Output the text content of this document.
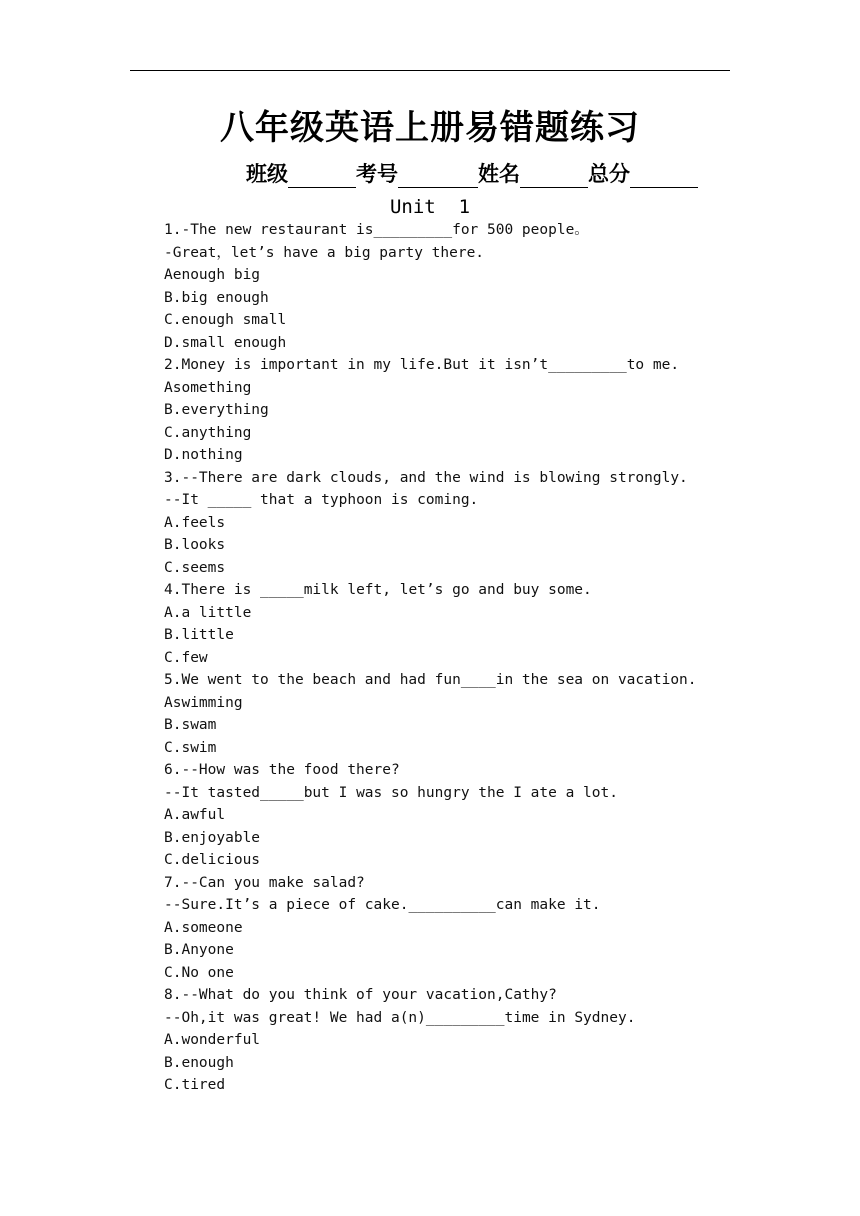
八年级英语上册易错题练习
班级	考号	姓名	总分
Unit  1
1.-The new restaurant is_________for 500 people。
-Great，let’s have a big party there.
Aenough big
B.big enough
C.enough small
D.small enough
2.Money is important in my life.But it isn’t_________to me.
Asomething
B.everything
C.anything
D.nothing
3.--There are dark clouds, and the wind is blowing strongly.
--It _____ that a typhoon is coming.
A.feels
B.looks
C.seems
4.There is _____milk left, let’s go and buy some.
A.a little
B.little
C.few
5.We went to the beach and had fun____in the sea on vacation.
Aswimming
B.swam
C.swim
6.--How was the food there?
--It tasted_____but I was so hungry the I ate a lot.
A.awful
B.enjoyable
C.delicious
7.--Can you make salad?
--Sure.It’s a piece of cake.__________can make it.
A.someone
B.Anyone
C.No one
8.--What do you think of your vacation,Cathy?
--Oh,it was great! We had a(n)_________time in Sydney.
A.wonderful
B.enough
C.tired
